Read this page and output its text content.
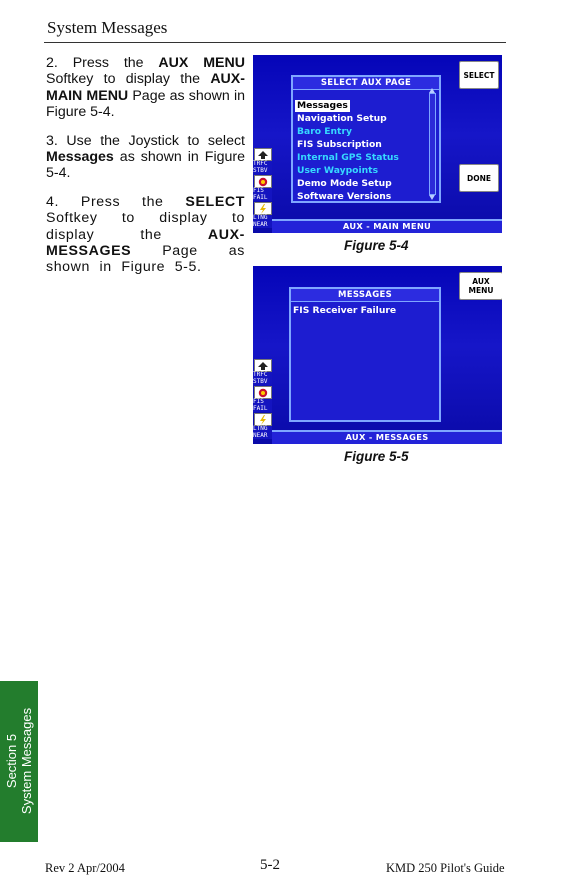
System Messages

2. Press the AUX MENU Softkey to display the AUX-MAIN MENU Page as shown in Figure 5-4.

3. Use the Joystick to select Messages as shown in Figure 5-4.

4. Press the SELECT Softkey to display to display the AUX-MESSAGES Page as shown in Figure 5-5.

SELECT AUX PAGE
Messages
Navigation Setup
Baro Entry
FIS Subscription
Internal GPS Status
User Waypoints
Demo Mode Setup
Software Versions
SELECT
DONE
TRFC STBV
FIS FAIL
LTNG NEAR	AUX - MAIN MENU
Figure 5-4
MESSAGES
FIS Receiver Failure
AUX MENU
TRFC STBV
FIS FAIL
LTNG NEAR	AUX - MESSAGES
Figure 5-5
Section 5 System Messages
Rev 2 Apr/2004	5-2	KMD 250 Pilot's Guide
